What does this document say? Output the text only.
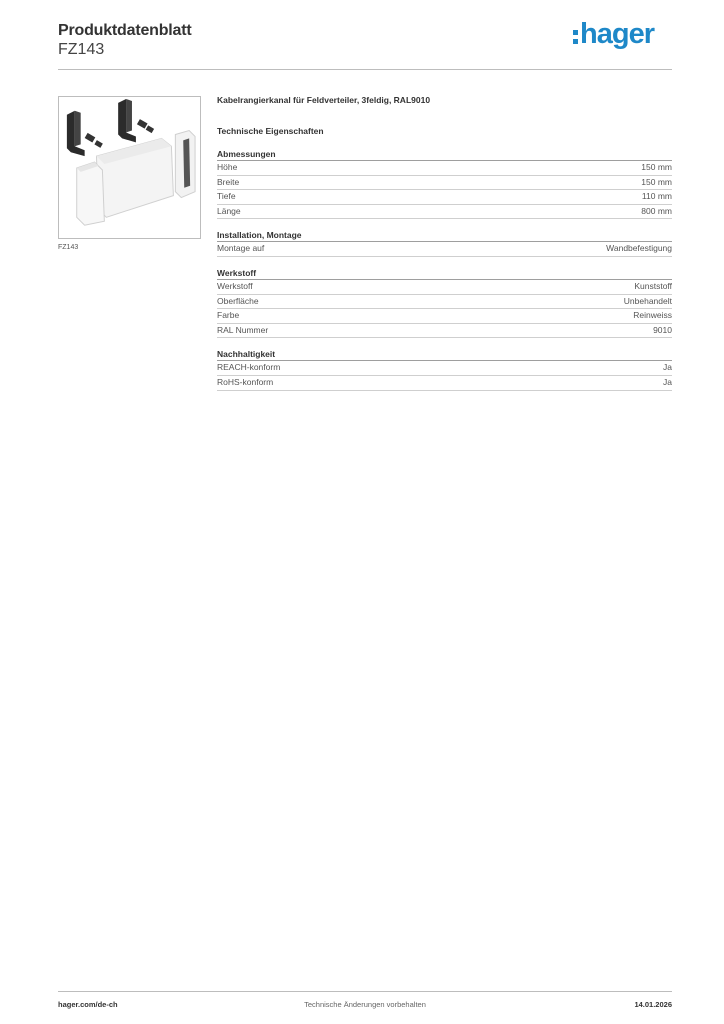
Produktdatenblatt
FZ143	hager
FZ143
Kabelrangierkanal für Feldverteiler, 3feldig, RAL9010
Technische Eigenschaften
Abmessungen
Höhe	150 mm
Breite	150 mm
Tiefe	110 mm
Länge	800 mm
Installation, Montage
Montage auf	Wandbefestigung
Werkstoff
Werkstoff	Kunststoff
Oberfläche	Unbehandelt
Farbe	Reinweiss
RAL Nummer	9010
Nachhaltigkeit
REACH-konform	Ja
RoHS-konform	Ja
hager.com/de-ch	Technische Änderungen vorbehalten	14.01.2026
